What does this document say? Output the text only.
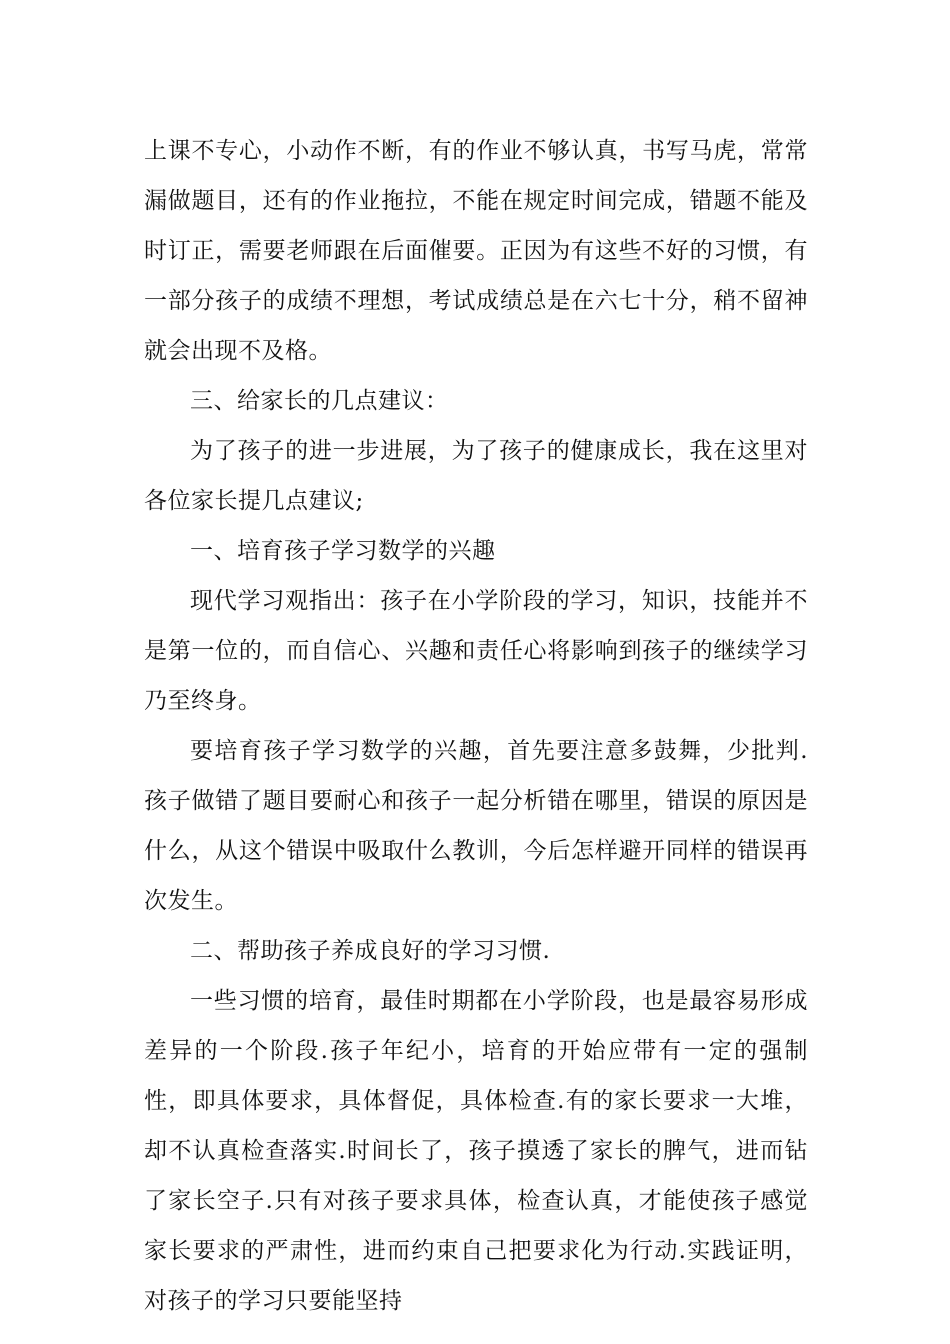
上课不专心，小动作不断，有的作业不够认真，书写马虎，常常漏做题目，还有的作业拖拉，不能在规定时间完成，错题不能及时订正，需要老师跟在后面催要。正因为有这些不好的习惯，有一部分孩子的成绩不理想，考试成绩总是在六七十分，稍不留神就会出现不及格。

三、给家长的几点建议：

为了孩子的进一步进展，为了孩子的健康成长，我在这里对各位家长提几点建议;

一、培育孩子学习数学的兴趣

现代学习观指出：孩子在小学阶段的学习，知识，技能并不是第一位的，而自信心、兴趣和责任心将影响到孩子的继续学习乃至终身。

要培育孩子学习数学的兴趣，首先要注意多鼓舞，少批判.孩子做错了题目要耐心和孩子一起分析错在哪里，错误的原因是什么，从这个错误中吸取什么教训，今后怎样避开同样的错误再次发生。

二、帮助孩子养成良好的学习习惯.

一些习惯的培育，最佳时期都在小学阶段，也是最容易形成差异的一个阶段.孩子年纪小，培育的开始应带有一定的强制性，即具体要求，具体督促，具体检查.有的家长要求一大堆，却不认真检查落实.时间长了，孩子摸透了家长的脾气，进而钻了家长空子.只有对孩子要求具体，检查认真，才能使孩子感觉家长要求的严肃性，进而约束自己把要求化为行动.实践证明，对孩子的学习只要能坚持
